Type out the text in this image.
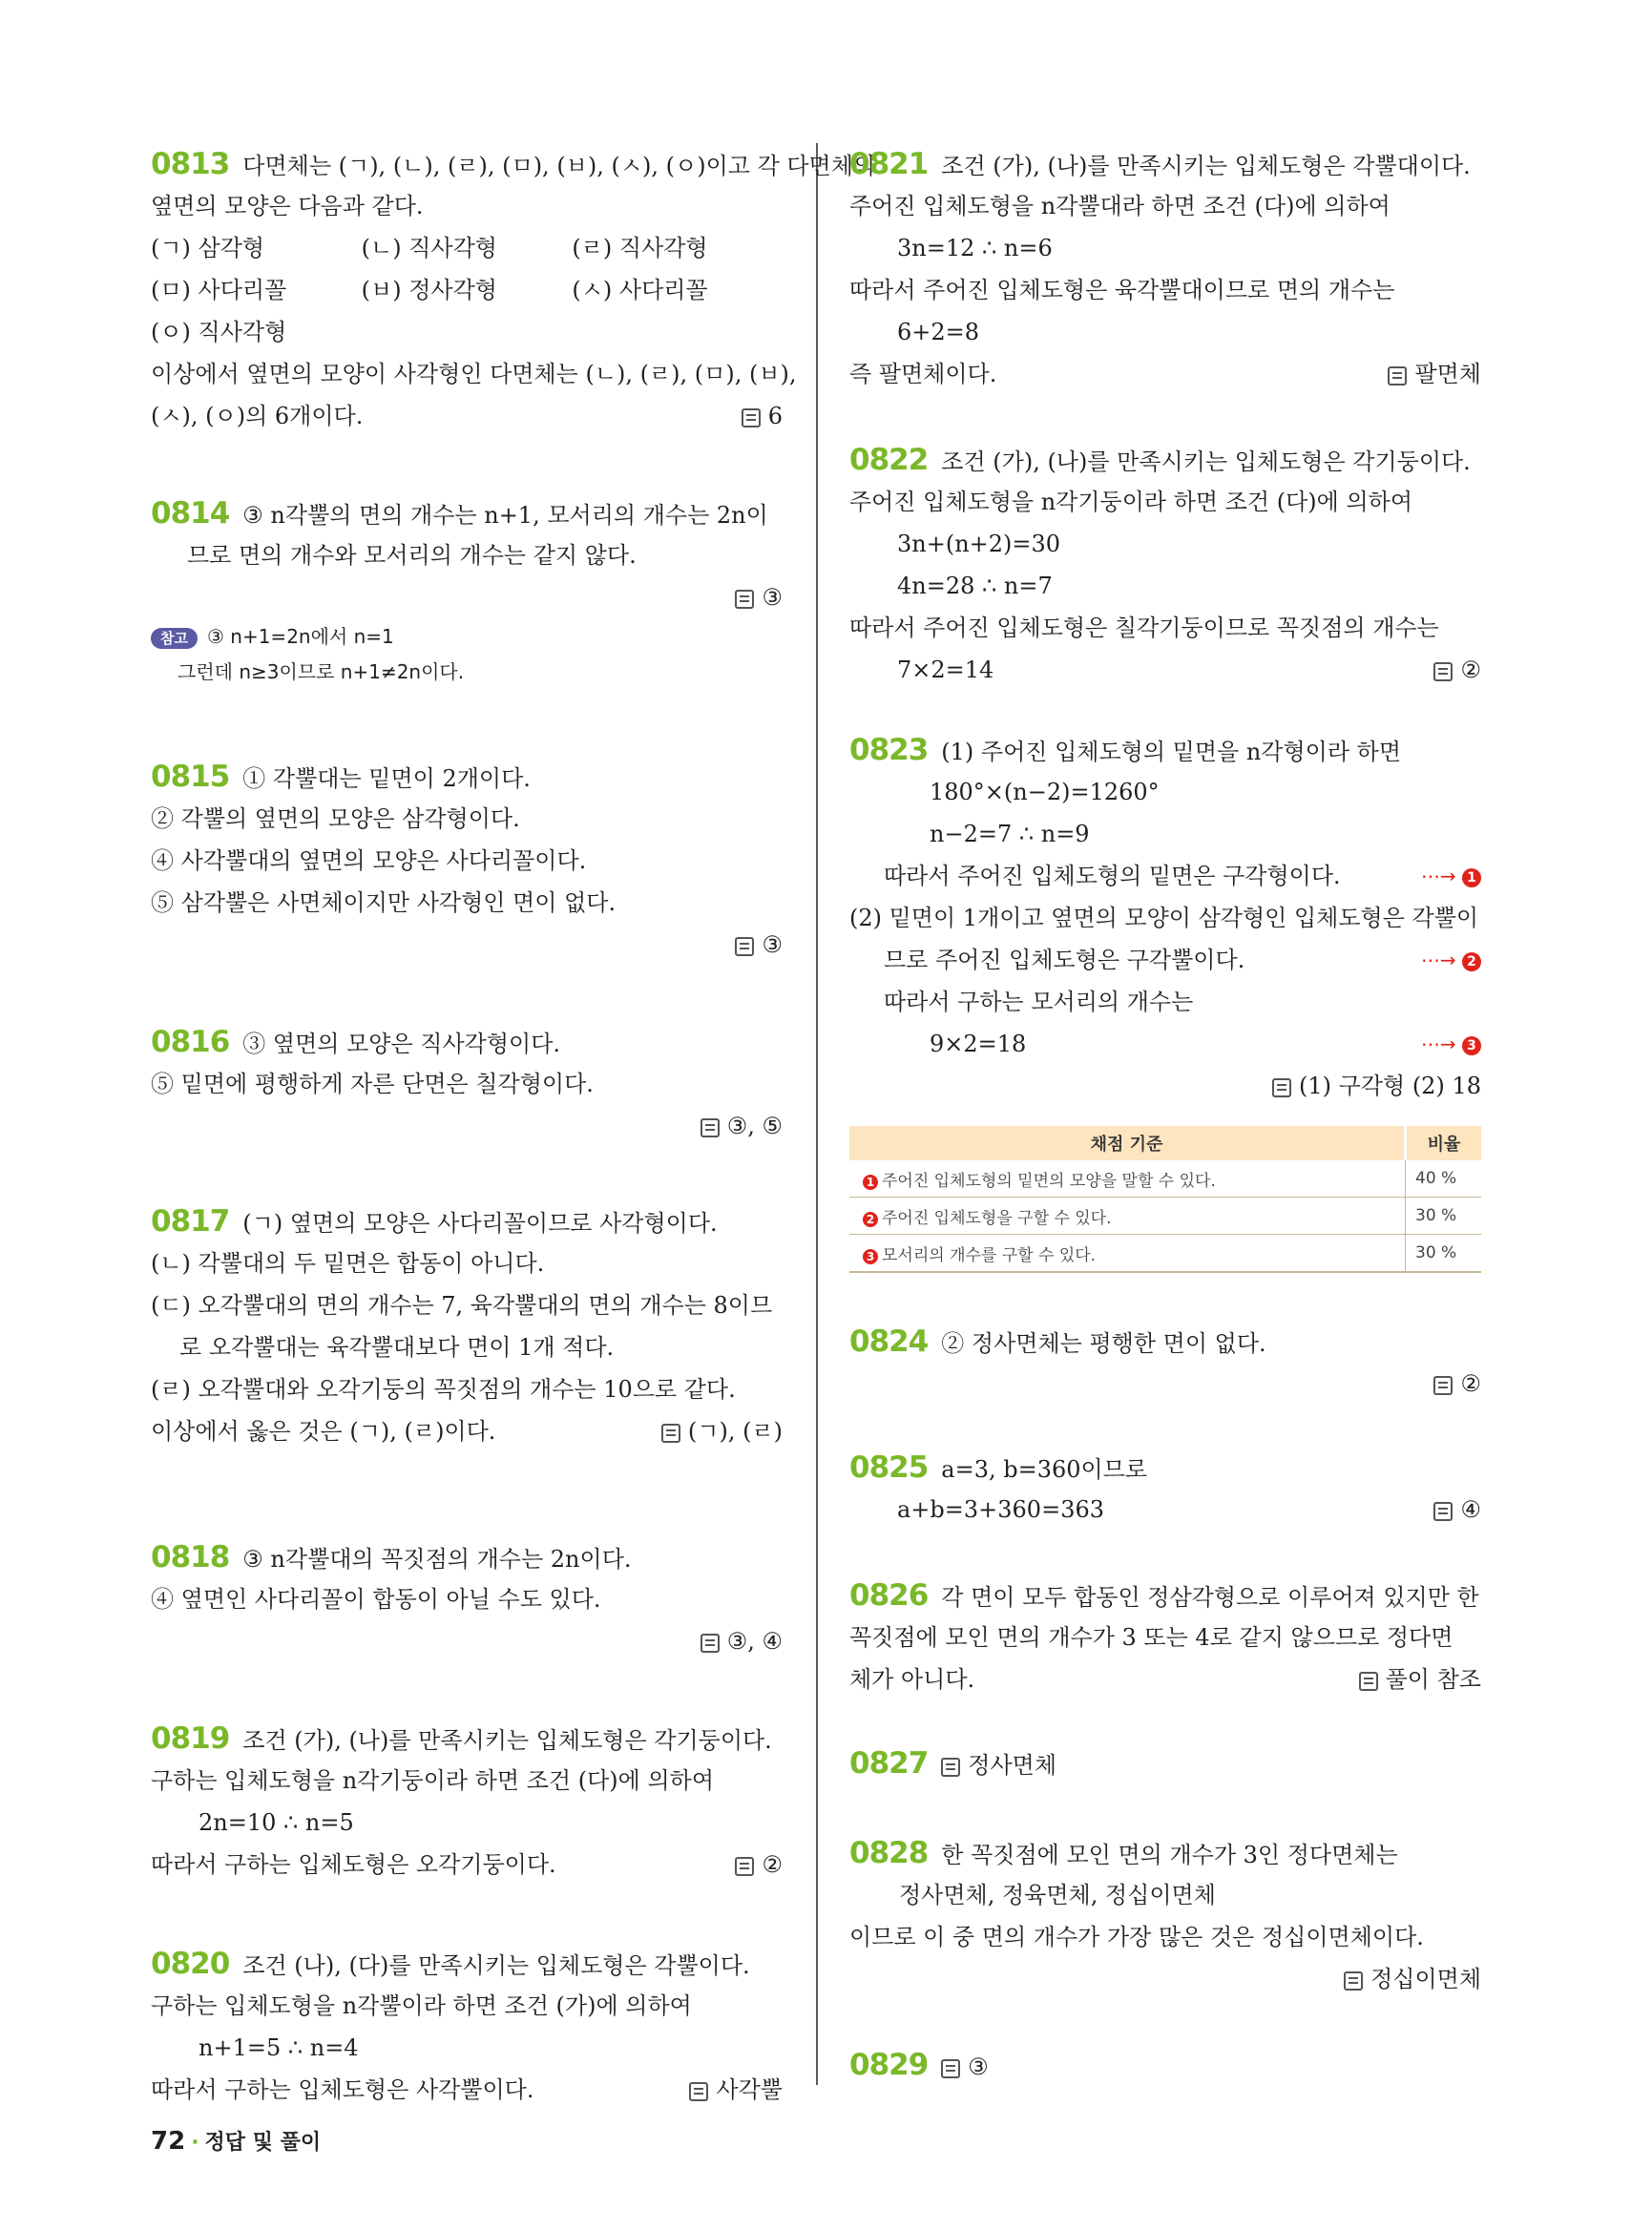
0813 다면체는 (ㄱ), (ㄴ), (ㄹ), (ㅁ), (ㅂ), (ㅅ), (ㅇ)이고 각 다면체의
옆면의 모양은 다음과 같다.
(ㄱ) 삼각형	(ㄴ) 직사각형	(ㄹ) 직사각형
(ㅁ) 사다리꼴	(ㅂ) 정사각형	(ㅅ) 사다리꼴
(ㅇ) 직사각형
이상에서 옆면의 모양이 사각형인 다면체는 (ㄴ), (ㄹ), (ㅁ), (ㅂ),
(ㅅ), (ㅇ)의 6개이다.	6
0814 ③ n각뿔의 면의 개수는 n+1, 모서리의 개수는 2n이
므로 면의 개수와 모서리의 개수는 같지 않다.
③
참고 ③ n+1=2n에서 n=1
그런데 n≥3이므로 n+1≠2n이다.
0815 ① 각뿔대는 밑면이 2개이다.
② 각뿔의 옆면의 모양은 삼각형이다.
④ 사각뿔대의 옆면의 모양은 사다리꼴이다.
⑤ 삼각뿔은 사면체이지만 사각형인 면이 없다.
③
0816 ③ 옆면의 모양은 직사각형이다.
⑤ 밑면에 평행하게 자른 단면은 칠각형이다.
③, ⑤
0817 (ㄱ) 옆면의 모양은 사다리꼴이므로 사각형이다.
(ㄴ) 각뿔대의 두 밑면은 합동이 아니다.
(ㄷ) 오각뿔대의 면의 개수는 7, 육각뿔대의 면의 개수는 8이므
로 오각뿔대는 육각뿔대보다 면이 1개 적다.
(ㄹ) 오각뿔대와 오각기둥의 꼭짓점의 개수는 10으로 같다.
이상에서 옳은 것은 (ㄱ), (ㄹ)이다.	(ㄱ), (ㄹ)
0818 ③ n각뿔대의 꼭짓점의 개수는 2n이다.
④ 옆면인 사다리꼴이 합동이 아닐 수도 있다.
③, ④
0819 조건 (가), (나)를 만족시키는 입체도형은 각기둥이다.
구하는 입체도형을 n각기둥이라 하면 조건 (다)에 의하여
2n=10 ∴ n=5
따라서 구하는 입체도형은 오각기둥이다.	②
0820 조건 (나), (다)를 만족시키는 입체도형은 각뿔이다.
구하는 입체도형을 n각뿔이라 하면 조건 (가)에 의하여
n+1=5 ∴ n=4
따라서 구하는 입체도형은 사각뿔이다.	사각뿔
0821 조건 (가), (나)를 만족시키는 입체도형은 각뿔대이다.
주어진 입체도형을 n각뿔대라 하면 조건 (다)에 의하여
3n=12 ∴ n=6
따라서 주어진 입체도형은 육각뿔대이므로 면의 개수는
6+2=8
즉 팔면체이다.	팔면체
0822 조건 (가), (나)를 만족시키는 입체도형은 각기둥이다.
주어진 입체도형을 n각기둥이라 하면 조건 (다)에 의하여
3n+(n+2)=30
4n=28 ∴ n=7
따라서 주어진 입체도형은 칠각기둥이므로 꼭짓점의 개수는
7×2=14	②
0823 (1) 주어진 입체도형의 밑면을 n각형이라 하면
180°×(n−2)=1260°
n−2=7 ∴ n=9
따라서 주어진 입체도형의 밑면은 구각형이다.	⋯→ 1
(2) 밑면이 1개이고 옆면의 모양이 삼각형인 입체도형은 각뿔이
므로 주어진 입체도형은 구각뿔이다.	⋯→ 2
따라서 구하는 모서리의 개수는
9×2=18	⋯→ 3
(1) 구각형 (2) 18
채점 기준	비율
1 주어진 입체도형의 밑면의 모양을 말할 수 있다.	40 %
2 주어진 입체도형을 구할 수 있다.	30 %
3 모서리의 개수를 구할 수 있다.	30 %
0824 ② 정사면체는 평행한 면이 없다.
②
0825 a=3, b=360이므로
a+b=3+360=363	④
0826 각 면이 모두 합동인 정삼각형으로 이루어져 있지만 한
꼭짓점에 모인 면의 개수가 3 또는 4로 같지 않으므로 정다면
체가 아니다.	풀이 참조
0827 정사면체
0828 한 꼭짓점에 모인 면의 개수가 3인 정다면체는
정사면체, 정육면체, 정십이면체
이므로 이 중 면의 개수가 가장 많은 것은 정십이면체이다.
정십이면체
0829 ③
72 · 정답 및 풀이
